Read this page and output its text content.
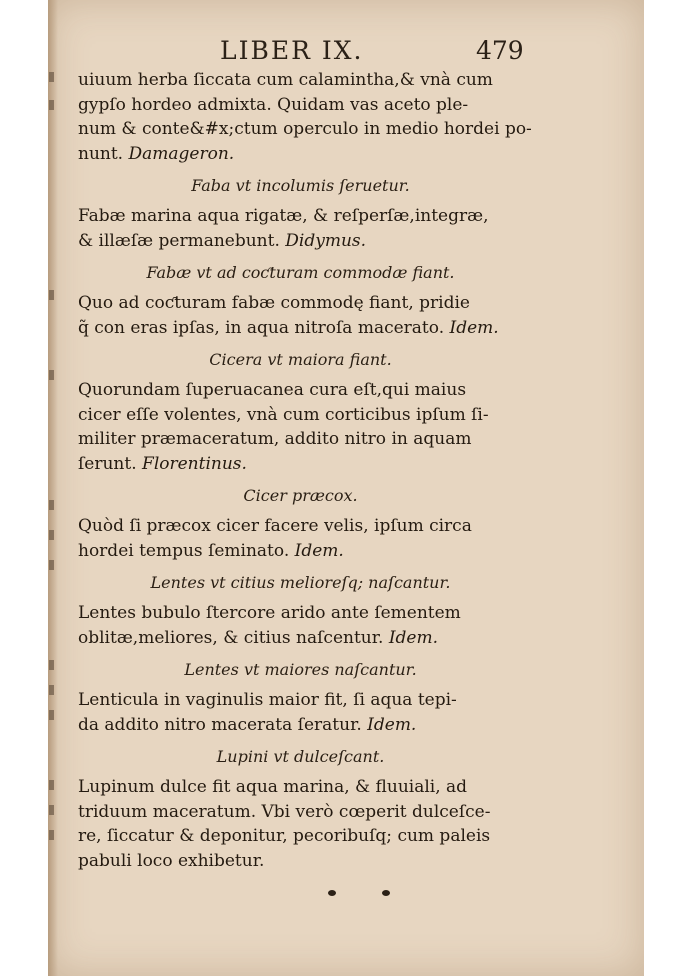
LIBER IX.	479
uiuum herba ſiccata cum calamintha,& vnà cum
gypſo hordeo admixta. Quidam vas aceto ple-
num & conte&#x;ctum operculo in medio hordei po-
nunt. Damageron.
Faba vt incolumis ſeruetur.
Fabæ marina aqua rigatæ, & reſperſæ,integræ,
& illæſæ permanebunt. Didymus.
Fabæ vt ad coƈturam commodæ fiant.
Quo ad coƈturam fabæ commodę fiant, pridie
q̃ con eras ipſas, in aqua nitroſa macerato. Idem.
Cicera vt maiora fiant.
Quorundam ſuperuacanea cura eſt,qui maius
cicer eſſe volentes, vnà cum corticibus ipſum ſi-
militer præmaceratum, addito nitro in aquam
ſerunt. Florentinus.
Cicer præcox.
Quòd ſi præcox cicer facere velis, ipſum circa
hordei tempus ſeminato. Idem.
Lentes vt citius melioreſq; naſcantur.
Lentes bubulo ſtercore arido ante ſementem
oblitæ,meliores, & citius naſcentur. Idem.
Lentes vt maiores naſcantur.
Lenticula in vaginulis maior fit, ſi aqua tepi-
da addito nitro macerata ſeratur. Idem.
Lupini vt dulceſcant.
Lupinum dulce fit aqua marina, & fluuiali, ad
triduum maceratum. Vbi verò cœperit dulceſce-
re, ſiccatur & deponitur, pecoribuſq; cum paleis
pabuli loco exhibetur.
